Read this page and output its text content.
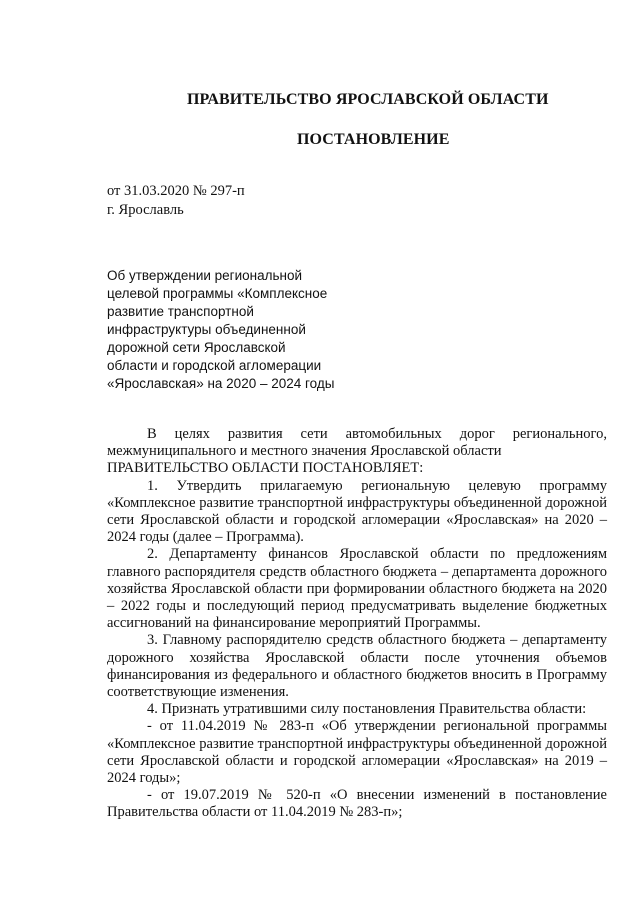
ПРАВИТЕЛЬСТВО ЯРОСЛАВСКОЙ ОБЛАСТИ
ПОСТАНОВЛЕНИЕ
от 31.03.2020 № 297-п
г. Ярославль
Об утверждении региональной
целевой программы «Комплексное
развитие транспортной
инфраструктуры объединенной
дорожной сети Ярославской
области и городской агломерации
«Ярославская» на 2020 – 2024 годы

В целях развития сети автомобильных дорог регионального, межмуниципального и местного значения Ярославской области

ПРАВИТЕЛЬСТВО ОБЛАСТИ ПОСТАНОВЛЯЕТ:

1. Утвердить прилагаемую региональную целевую программу «Комплексное развитие транспортной инфраструктуры объединенной дорожной сети Ярославской области и городской агломерации «Ярославская» на 2020 – 2024 годы (далее – Программа).

2. Департаменту финансов Ярославской области по предложениям главного распорядителя средств областного бюджета – департамента дорожного хозяйства Ярославской области при формировании областного бюджета на 2020 – 2022 годы и последующий период предусматривать выделение бюджетных ассигнований на финансирование мероприятий Программы.

3. Главному распорядителю средств областного бюджета – департаменту дорожного хозяйства Ярославской области после уточнения объемов финансирования из федерального и областного бюджетов вносить в Программу соответствующие изменения.

4. Признать утратившими силу постановления Правительства области:

- от 11.04.2019 № 283-п «Об утверждении региональной программы «Комплексное развитие транспортной инфраструктуры объединенной дорожной сети Ярославской области и городской агломерации «Ярославская» на 2019 – 2024 годы»;

- от 19.07.2019 № 520-п «О внесении изменений в постановление Правительства области от 11.04.2019 № 283-п»;
